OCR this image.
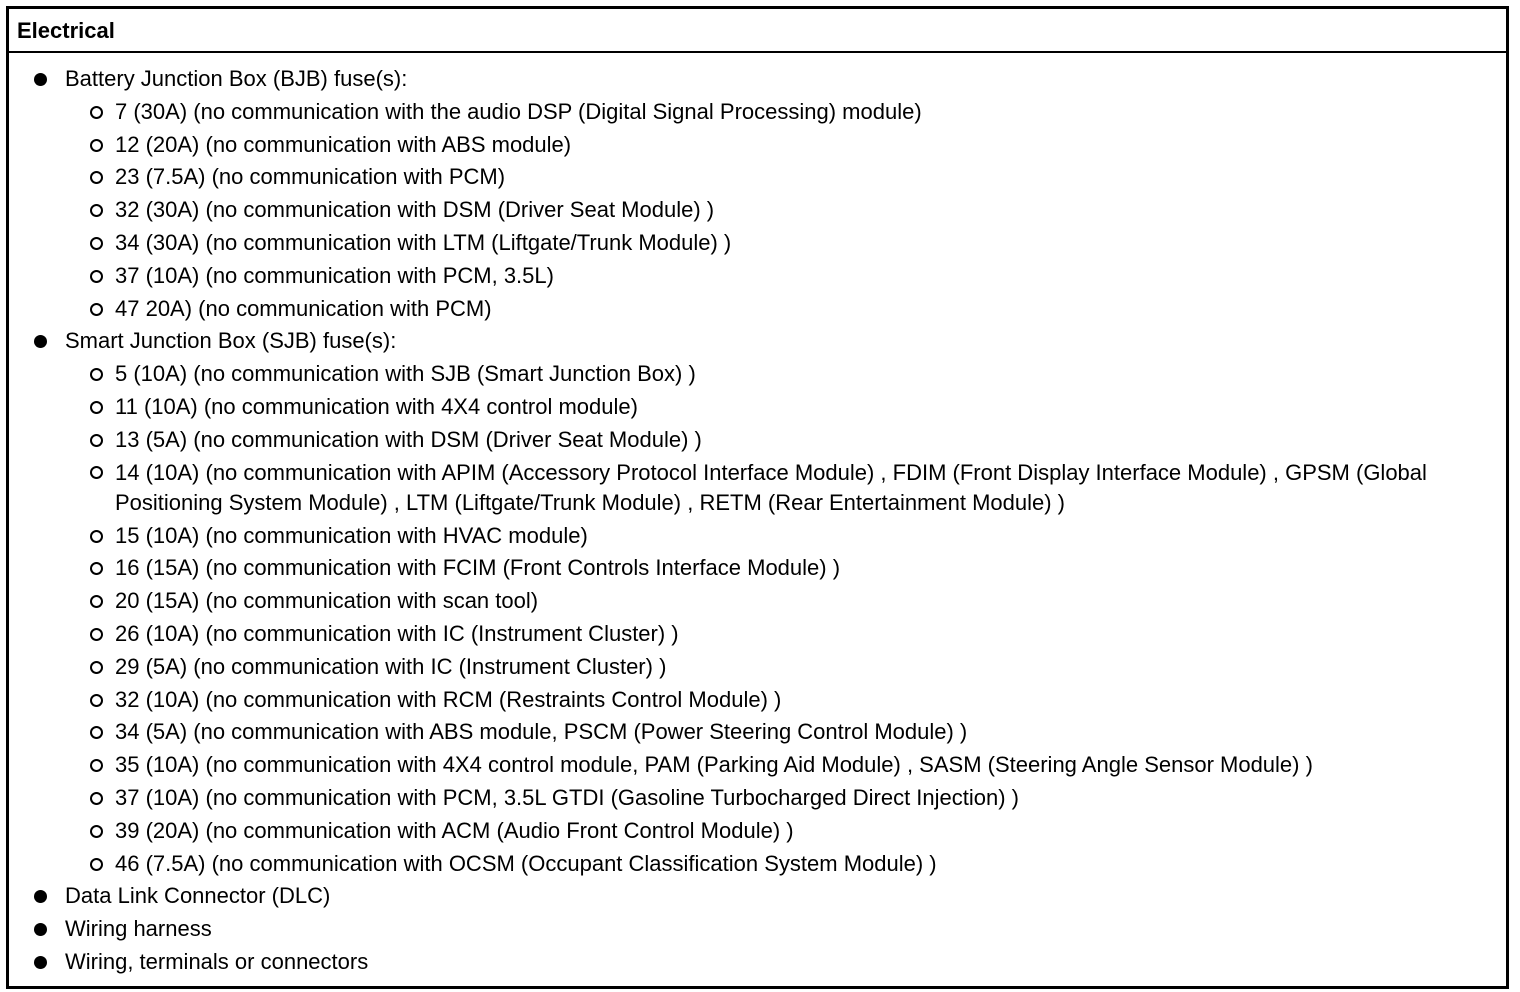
Electrical
Battery Junction Box (BJB) fuse(s):
7 (30A) (no communication with the audio DSP (Digital Signal Processing) module)
12 (20A) (no communication with ABS module)
23 (7.5A) (no communication with PCM)
32 (30A) (no communication with DSM (Driver Seat Module) )
34 (30A) (no communication with LTM (Liftgate/Trunk Module) )
37 (10A) (no communication with PCM, 3.5L)
47 20A) (no communication with PCM)
Smart Junction Box (SJB) fuse(s):
5 (10A) (no communication with SJB (Smart Junction Box) )
11 (10A) (no communication with 4X4 control module)
13 (5A) (no communication with DSM (Driver Seat Module) )
14 (10A) (no communication with APIM (Accessory Protocol Interface Module) , FDIM (Front Display Interface Module) , GPSM (Global Positioning System Module) , LTM (Liftgate/Trunk Module) , RETM (Rear Entertainment Module) )
15 (10A) (no communication with HVAC module)
16 (15A) (no communication with FCIM (Front Controls Interface Module) )
20 (15A) (no communication with scan tool)
26 (10A) (no communication with IC (Instrument Cluster) )
29 (5A) (no communication with IC (Instrument Cluster) )
32 (10A) (no communication with RCM (Restraints Control Module) )
34 (5A) (no communication with ABS module, PSCM (Power Steering Control Module) )
35 (10A) (no communication with 4X4 control module, PAM (Parking Aid Module) , SASM (Steering Angle Sensor Module) )
37 (10A) (no communication with PCM, 3.5L GTDI (Gasoline Turbocharged Direct Injection) )
39 (20A) (no communication with ACM (Audio Front Control Module) )
46 (7.5A) (no communication with OCSM (Occupant Classification System Module) )
Data Link Connector (DLC)
Wiring harness
Wiring, terminals or connectors
